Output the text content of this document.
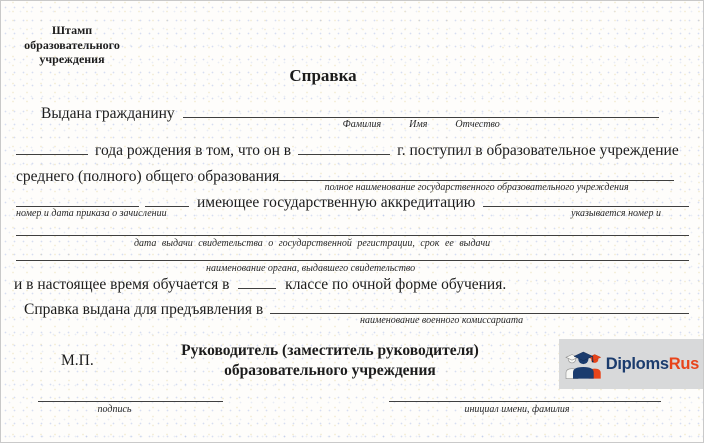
Штамп
образовательного
учреждения
Справка
Выдана гражданину
Фамилия	Имя	Отчество
года рождения в том, что он в	г. поступил в образовательное учреждение
среднего (полного) общего образования
полное наименование государственного образовательного учреждения
номер и дата приказа о зачислении
имеющее государственную аккредитацию
указывается номер и
дата выдачи свидетельства о государственной регистрации, срок ее выдачи
наименование органа, выдавшего свидетельство
и в настоящее время обучается в	классе по очной форме обучения.
Справка выдана для предъявления в
наименование военного комиссариата
М.П.
Руководитель (заместитель руководителя)
образовательного учреждения
подпись	инициал имени, фамилия
DiplomsRus
